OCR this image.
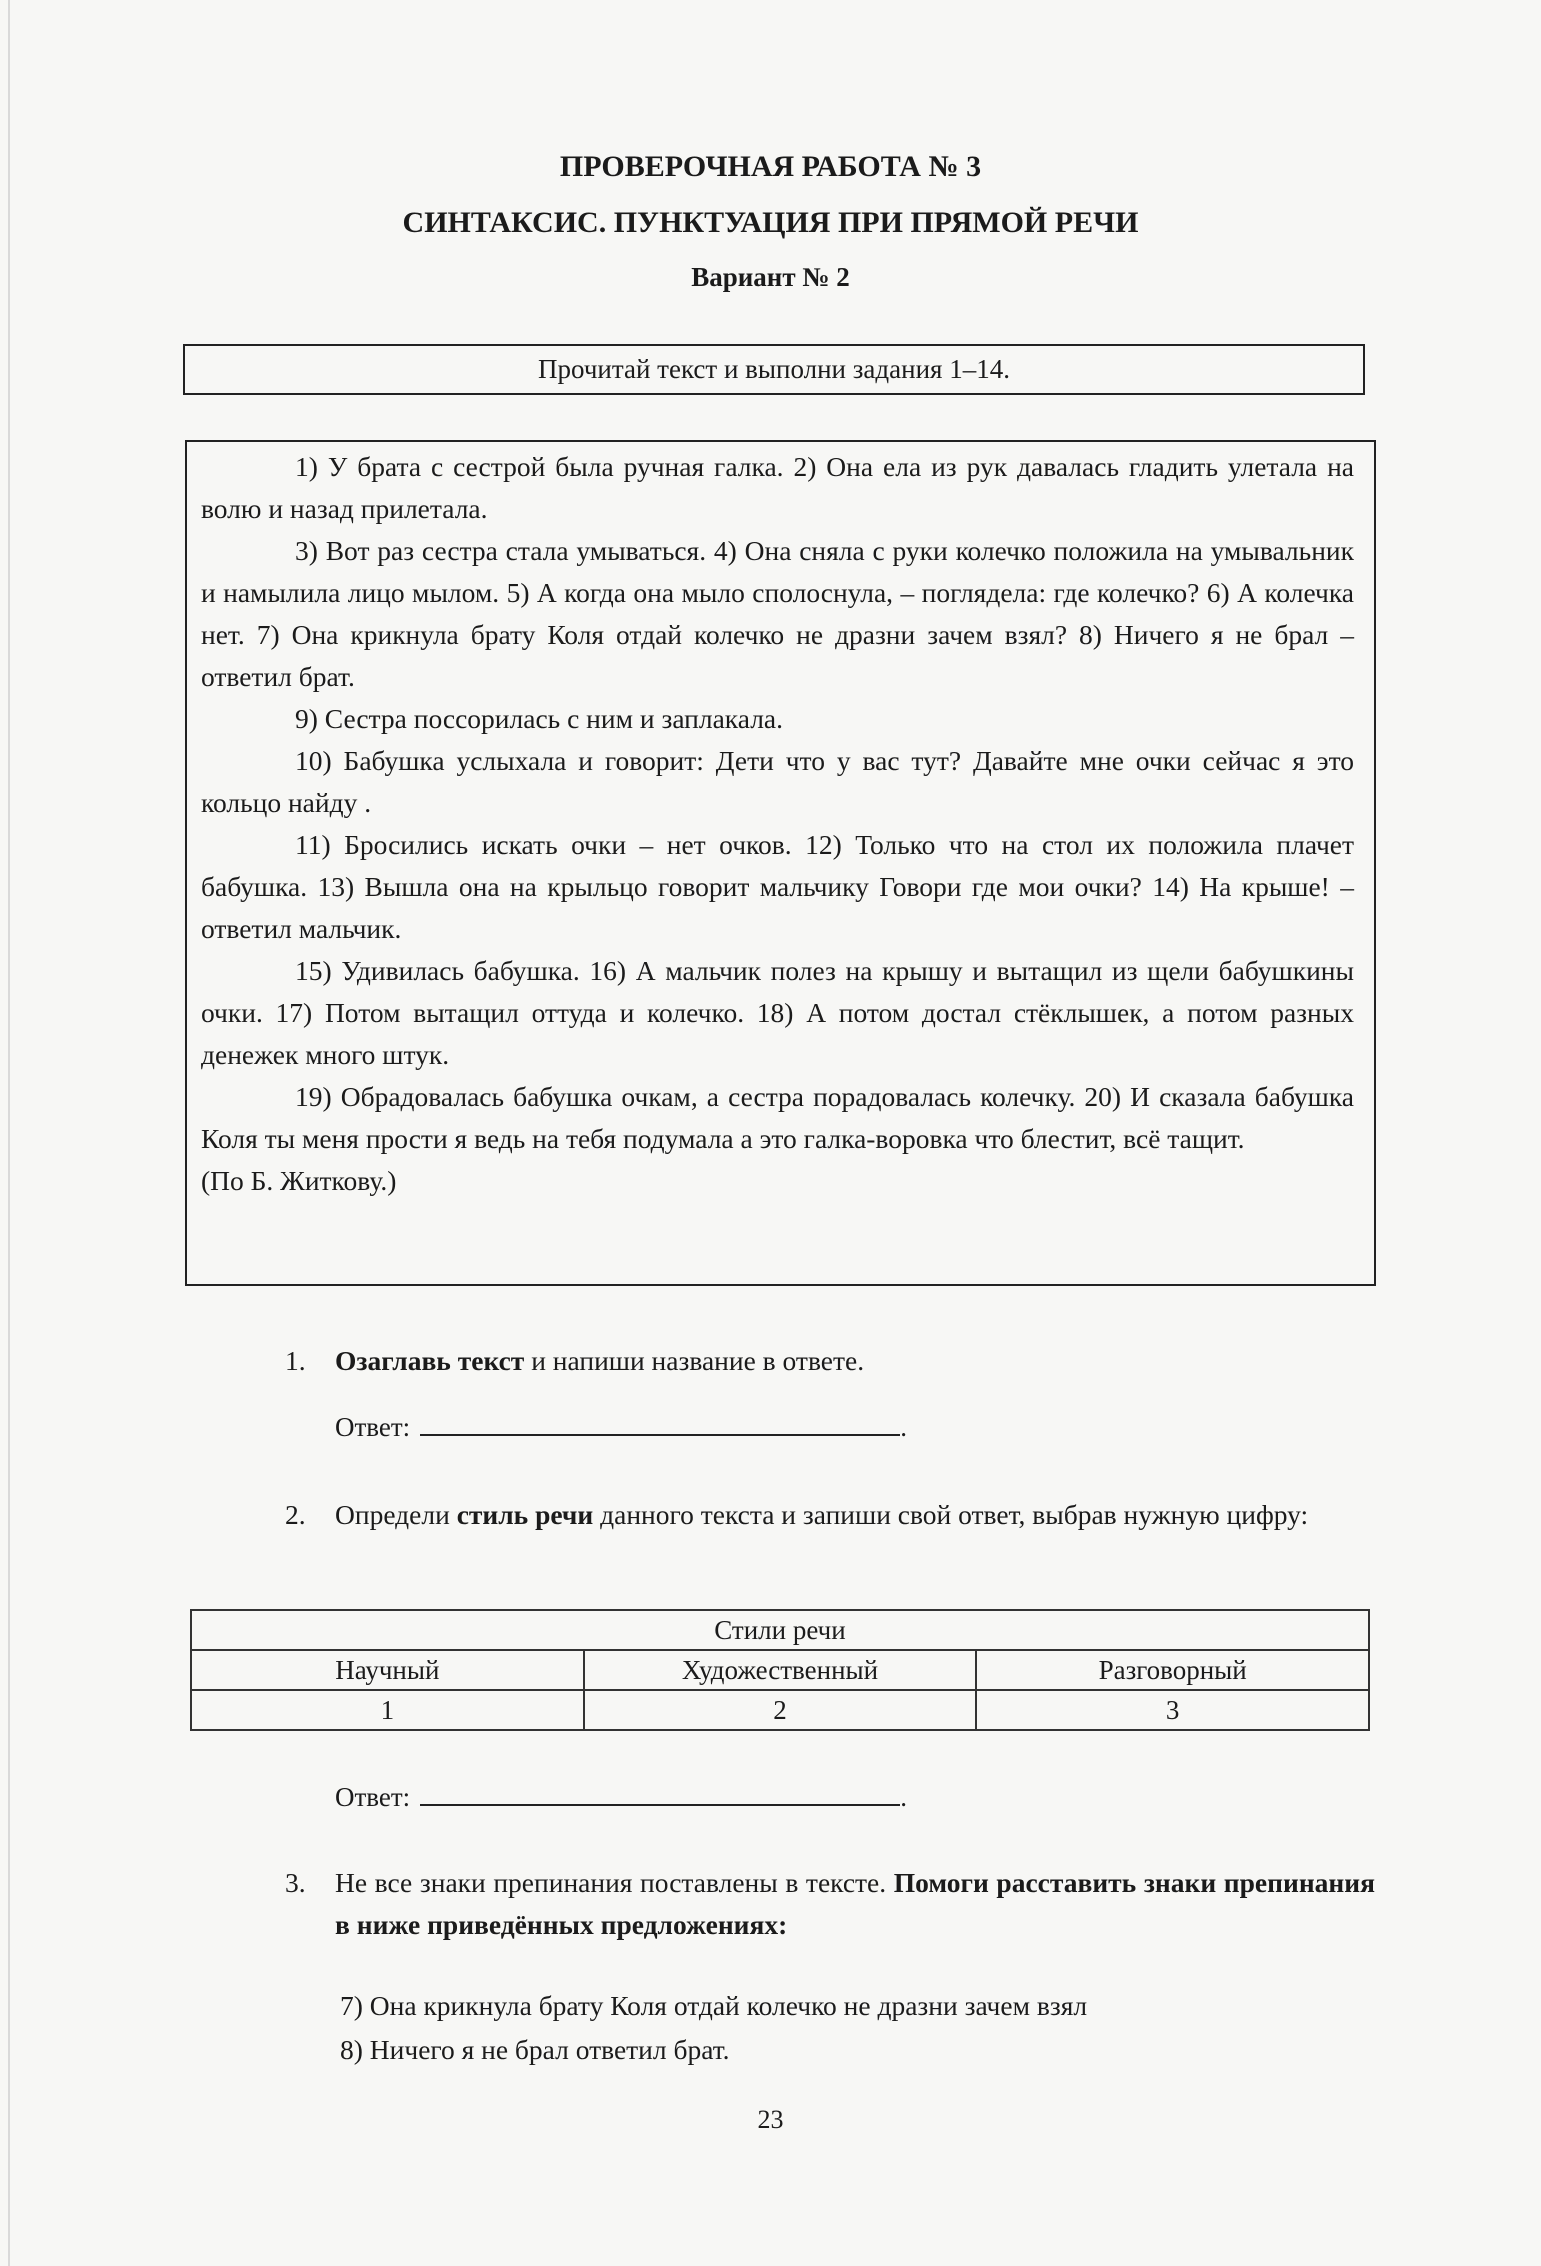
ПРОВЕРОЧНАЯ РАБОТА № 3
СИНТАКСИС. ПУНКТУАЦИЯ ПРИ ПРЯМОЙ РЕЧИ
Вариант № 2
Прочитай текст и выполни задания 1–14.

1) У брата с сестрой была ручная галка. 2) Она ела из рук давалась гладить улетала на волю и назад прилетала.

3) Вот раз сестра стала умываться. 4) Она сняла с руки колечко положила на умывальник и намылила лицо мылом. 5) А когда она мыло сполоснула, – поглядела: где колечко? 6) А колечка нет. 7) Она крикнула брату Коля отдай колечко не дразни зачем взял? 8) Ничего я не брал – ответил брат.

9) Сестра поссорилась с ним и заплакала.

10) Бабушка услыхала и говорит: Дети что у вас тут? Давайте мне очки сейчас я это кольцо найду .

11) Бросились искать очки – нет очков. 12) Только что на стол их положила плачет бабушка. 13) Вышла она на крыльцо говорит мальчику Говори где мои очки? 14) На крыше! – ответил мальчик.

15) Удивилась бабушка. 16) А мальчик полез на крышу и вытащил из щели бабушкины очки. 17) Потом вытащил оттуда и колечко. 18) А потом достал стёклышек, а потом разных денежек много штук.

19) Обрадовалась бабушка очкам, а сестра порадовалась колечку. 20) И сказала бабушка Коля ты меня прости я ведь на тебя подумала а это галка-воровка что блестит, всё тащит.

(По Б. Житкову.)

1. Озаглавь текст и напиши название в ответе.
Ответ:	.
2. Определи стиль речи данного текста и запиши свой ответ, выбрав нужную цифру:
Стили речи		
Научный	Художественный	Разговорный
1	2	3
Ответ:	.
3. Не все знаки препинания поставлены в тексте. Помоги расставить знаки препинания в ниже приведённых предложениях:
7) Она крикнула брату Коля отдай колечко не дразни зачем взял
8) Ничего я не брал ответил брат.
23
